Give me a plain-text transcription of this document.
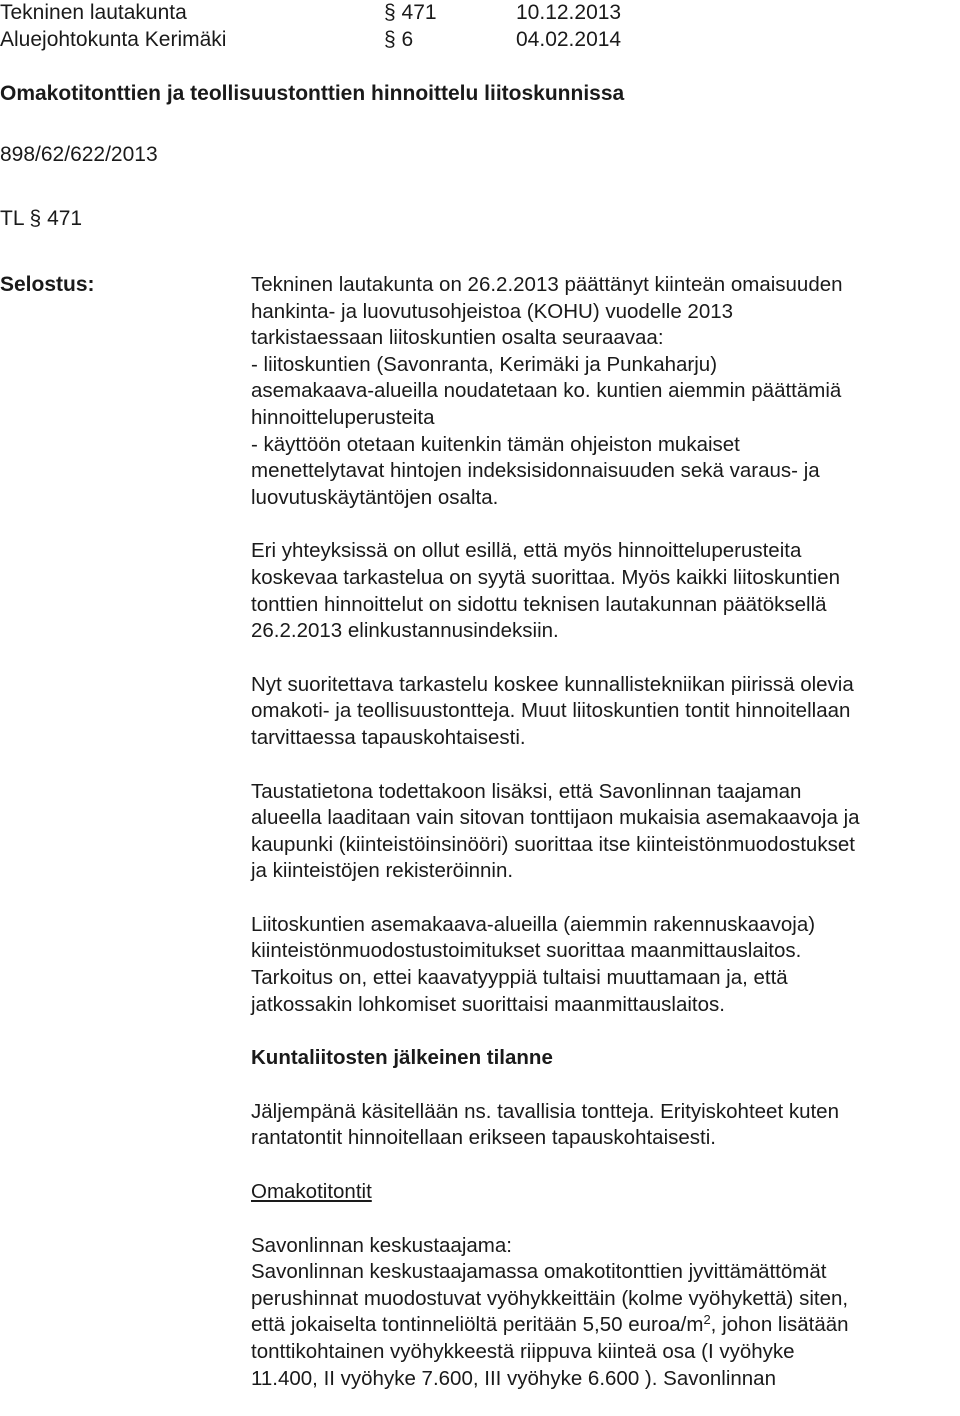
Tekninen lautakunta	§ 471	10.12.2013
Aluejohtokunta Kerimäki	§ 6	04.02.2014
Omakotitonttien ja teollisuustonttien hinnoittelu liitoskunnissa
898/62/622/2013
TL § 471
Selostus:	Tekninen lautakunta on 26.2.2013 päättänyt kiinteän omaisuuden
hankinta- ja luovutusohjeistoa (KOHU) vuodelle 2013
tarkistaessaan liitoskuntien osalta seuraavaa:
- liitoskuntien (Savonranta, Kerimäki ja Punkaharju)
asemakaava-alueilla noudatetaan ko. kuntien aiemmin päättämiä
hinnoitteluperusteita
- käyttöön otetaan kuitenkin tämän ohjeiston mukaiset
menettelytavat hintojen indeksisidonnaisuuden sekä varaus- ja
luovutuskäytäntöjen osalta.

Eri yhteyksissä on ollut esillä, että myös hinnoitteluperusteita
koskevaa tarkastelua on syytä suorittaa. Myös kaikki liitoskuntien
tonttien hinnoittelut on sidottu teknisen lautakunnan päätöksellä
26.2.2013 elinkustannusindeksiin.

Nyt suoritettava tarkastelu koskee kunnallistekniikan piirissä olevia
omakoti- ja teollisuustontteja. Muut liitoskuntien tontit hinnoitellaan
tarvittaessa tapauskohtaisesti.

Taustatietona todettakoon lisäksi, että Savonlinnan taajaman
alueella laaditaan vain sitovan tonttijaon mukaisia asemakaavoja ja
kaupunki (kiinteistöinsinööri) suorittaa itse kiinteistönmuodostukset
ja kiinteistöjen rekisteröinnin.

Liitoskuntien asemakaava-alueilla (aiemmin rakennuskaavoja)
kiinteistönmuodostustoimitukset suorittaa maanmittauslaitos.
Tarkoitus on, ettei kaavatyyppiä tultaisi muuttamaan ja, että
jatkossakin lohkomiset suorittaisi maanmittauslaitos.

Kuntaliitosten jälkeinen tilanne

Jäljempänä käsitellään ns. tavallisia tontteja. Erityiskohteet kuten
rantatontit hinnoitellaan erikseen tapauskohtaisesti.

Omakotitontit

Savonlinnan keskustaajama:
Savonlinnan keskustaajamassa omakotitonttien jyvittämättömät
perushinnat muodostuvat vyöhykkeittäin (kolme vyöhykettä) siten,
että jokaiselta tontinneliöltä peritään 5,50 euroa/$m^2$, johon lisätään
tonttikohtainen vyöhykkeestä riippuva kiinteä osa (I vyöhyke
11.400, II vyöhyke 7.600, III vyöhyke 6.600 ). Savonlinnan
